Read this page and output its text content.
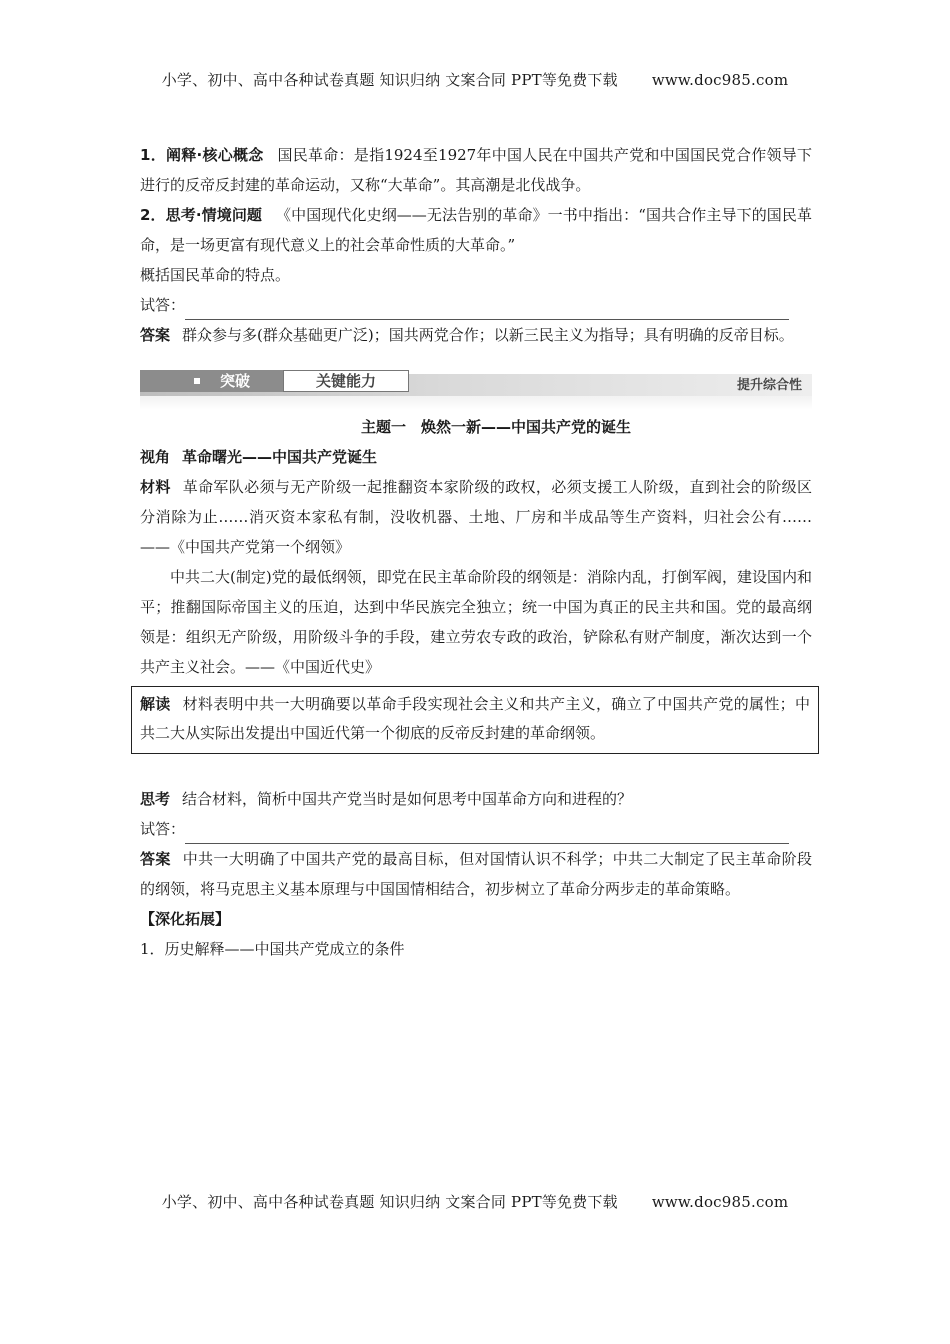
小学、初中、高中各种试卷真题 知识归纳 文案合同 PPT等免费下载 www.doc985.com

1．阐释·核心概念 国民革命：是指1924至1927年中国人民在中国共产党和中国国民党合作领导下进行的反帝反封建的革命运动，又称“大革命”。其高潮是北伐战争。

2．思考·情境问题 《中国现代化史纲——无法告别的革命》一书中指出：“国共合作主导下的国民革命，是一场更富有现代意义上的社会革命性质的大革命。”

概括国民革命的特点。

试答：

答案 群众参与多(群众基础更广泛)；国共两党合作；以新三民主义为指导；具有明确的反帝目标。

突破	关键能力	提升综合性

主题一　焕然一新——中国共产党的诞生

视角 革命曙光——中国共产党诞生

材料 革命军队必须与无产阶级一起推翻资本家阶级的政权，必须支援工人阶级，直到社会的阶级区分消除为止……消灭资本家私有制，没收机器、土地、厂房和半成品等生产资料，归社会公有……——《中国共产党第一个纲领》

中共二大(制定)党的最低纲领，即党在民主革命阶段的纲领是：消除内乱，打倒军阀，建设国内和平；推翻国际帝国主义的压迫，达到中华民族完全独立；统一中国为真正的民主共和国。党的最高纲领是：组织无产阶级，用阶级斗争的手段，建立劳农专政的政治，铲除私有财产制度，渐次达到一个共产主义社会。——《中国近代史》

解读 材料表明中共一大明确要以革命手段实现社会主义和共产主义，确立了中国共产党的属性；中共二大从实际出发提出中国近代第一个彻底的反帝反封建的革命纲领。

思考 结合材料，简析中国共产党当时是如何思考中国革命方向和进程的？

试答：

答案 中共一大明确了中国共产党的最高目标，但对国情认识不科学；中共二大制定了民主革命阶段的纲领，将马克思主义基本原理与中国国情相结合，初步树立了革命分两步走的革命策略。

【深化拓展】

1．历史解释——中国共产党成立的条件

小学、初中、高中各种试卷真题 知识归纳 文案合同 PPT等免费下载 www.doc985.com
